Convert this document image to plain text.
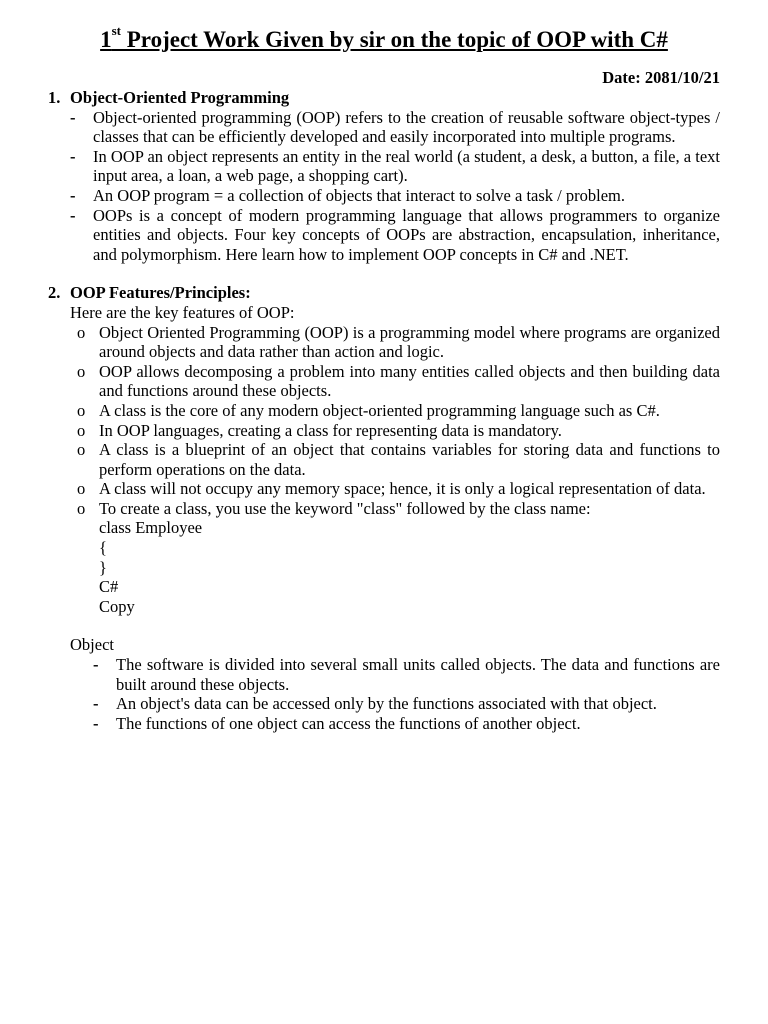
1st Project Work Given by sir on the topic of OOP with C#
Date: 2081/10/21
1. Object-Oriented Programming
- Object-oriented programming (OOP) refers to the creation of reusable software object-types / classes that can be efficiently developed and easily incorporated into multiple programs.
- In OOP an object represents an entity in the real world (a student, a desk, a button, a file, a text input area, a loan, a web page, a shopping cart).
- An OOP program = a collection of objects that interact to solve a task / problem.
- OOPs is a concept of modern programming language that allows programmers to organize entities and objects. Four key concepts of OOPs are abstraction, encapsulation, inheritance, and polymorphism. Here learn how to implement OOP concepts in C# and .NET.
2. OOP Features/Principles:
Here are the key features of OOP:
o Object Oriented Programming (OOP) is a programming model where programs are organized around objects and data rather than action and logic.
o OOP allows decomposing a problem into many entities called objects and then building data and functions around these objects.
o A class is the core of any modern object-oriented programming language such as C#.
o In OOP languages, creating a class for representing data is mandatory.
o A class is a blueprint of an object that contains variables for storing data and functions to perform operations on the data.
o A class will not occupy any memory space; hence, it is only a logical representation of data.
o To create a class, you use the keyword "class" followed by the class name:
class Employee
{
}
C#
Copy
Object
- The software is divided into several small units called objects. The data and functions are built around these objects.
- An object's data can be accessed only by the functions associated with that object.
- The functions of one object can access the functions of another object.
